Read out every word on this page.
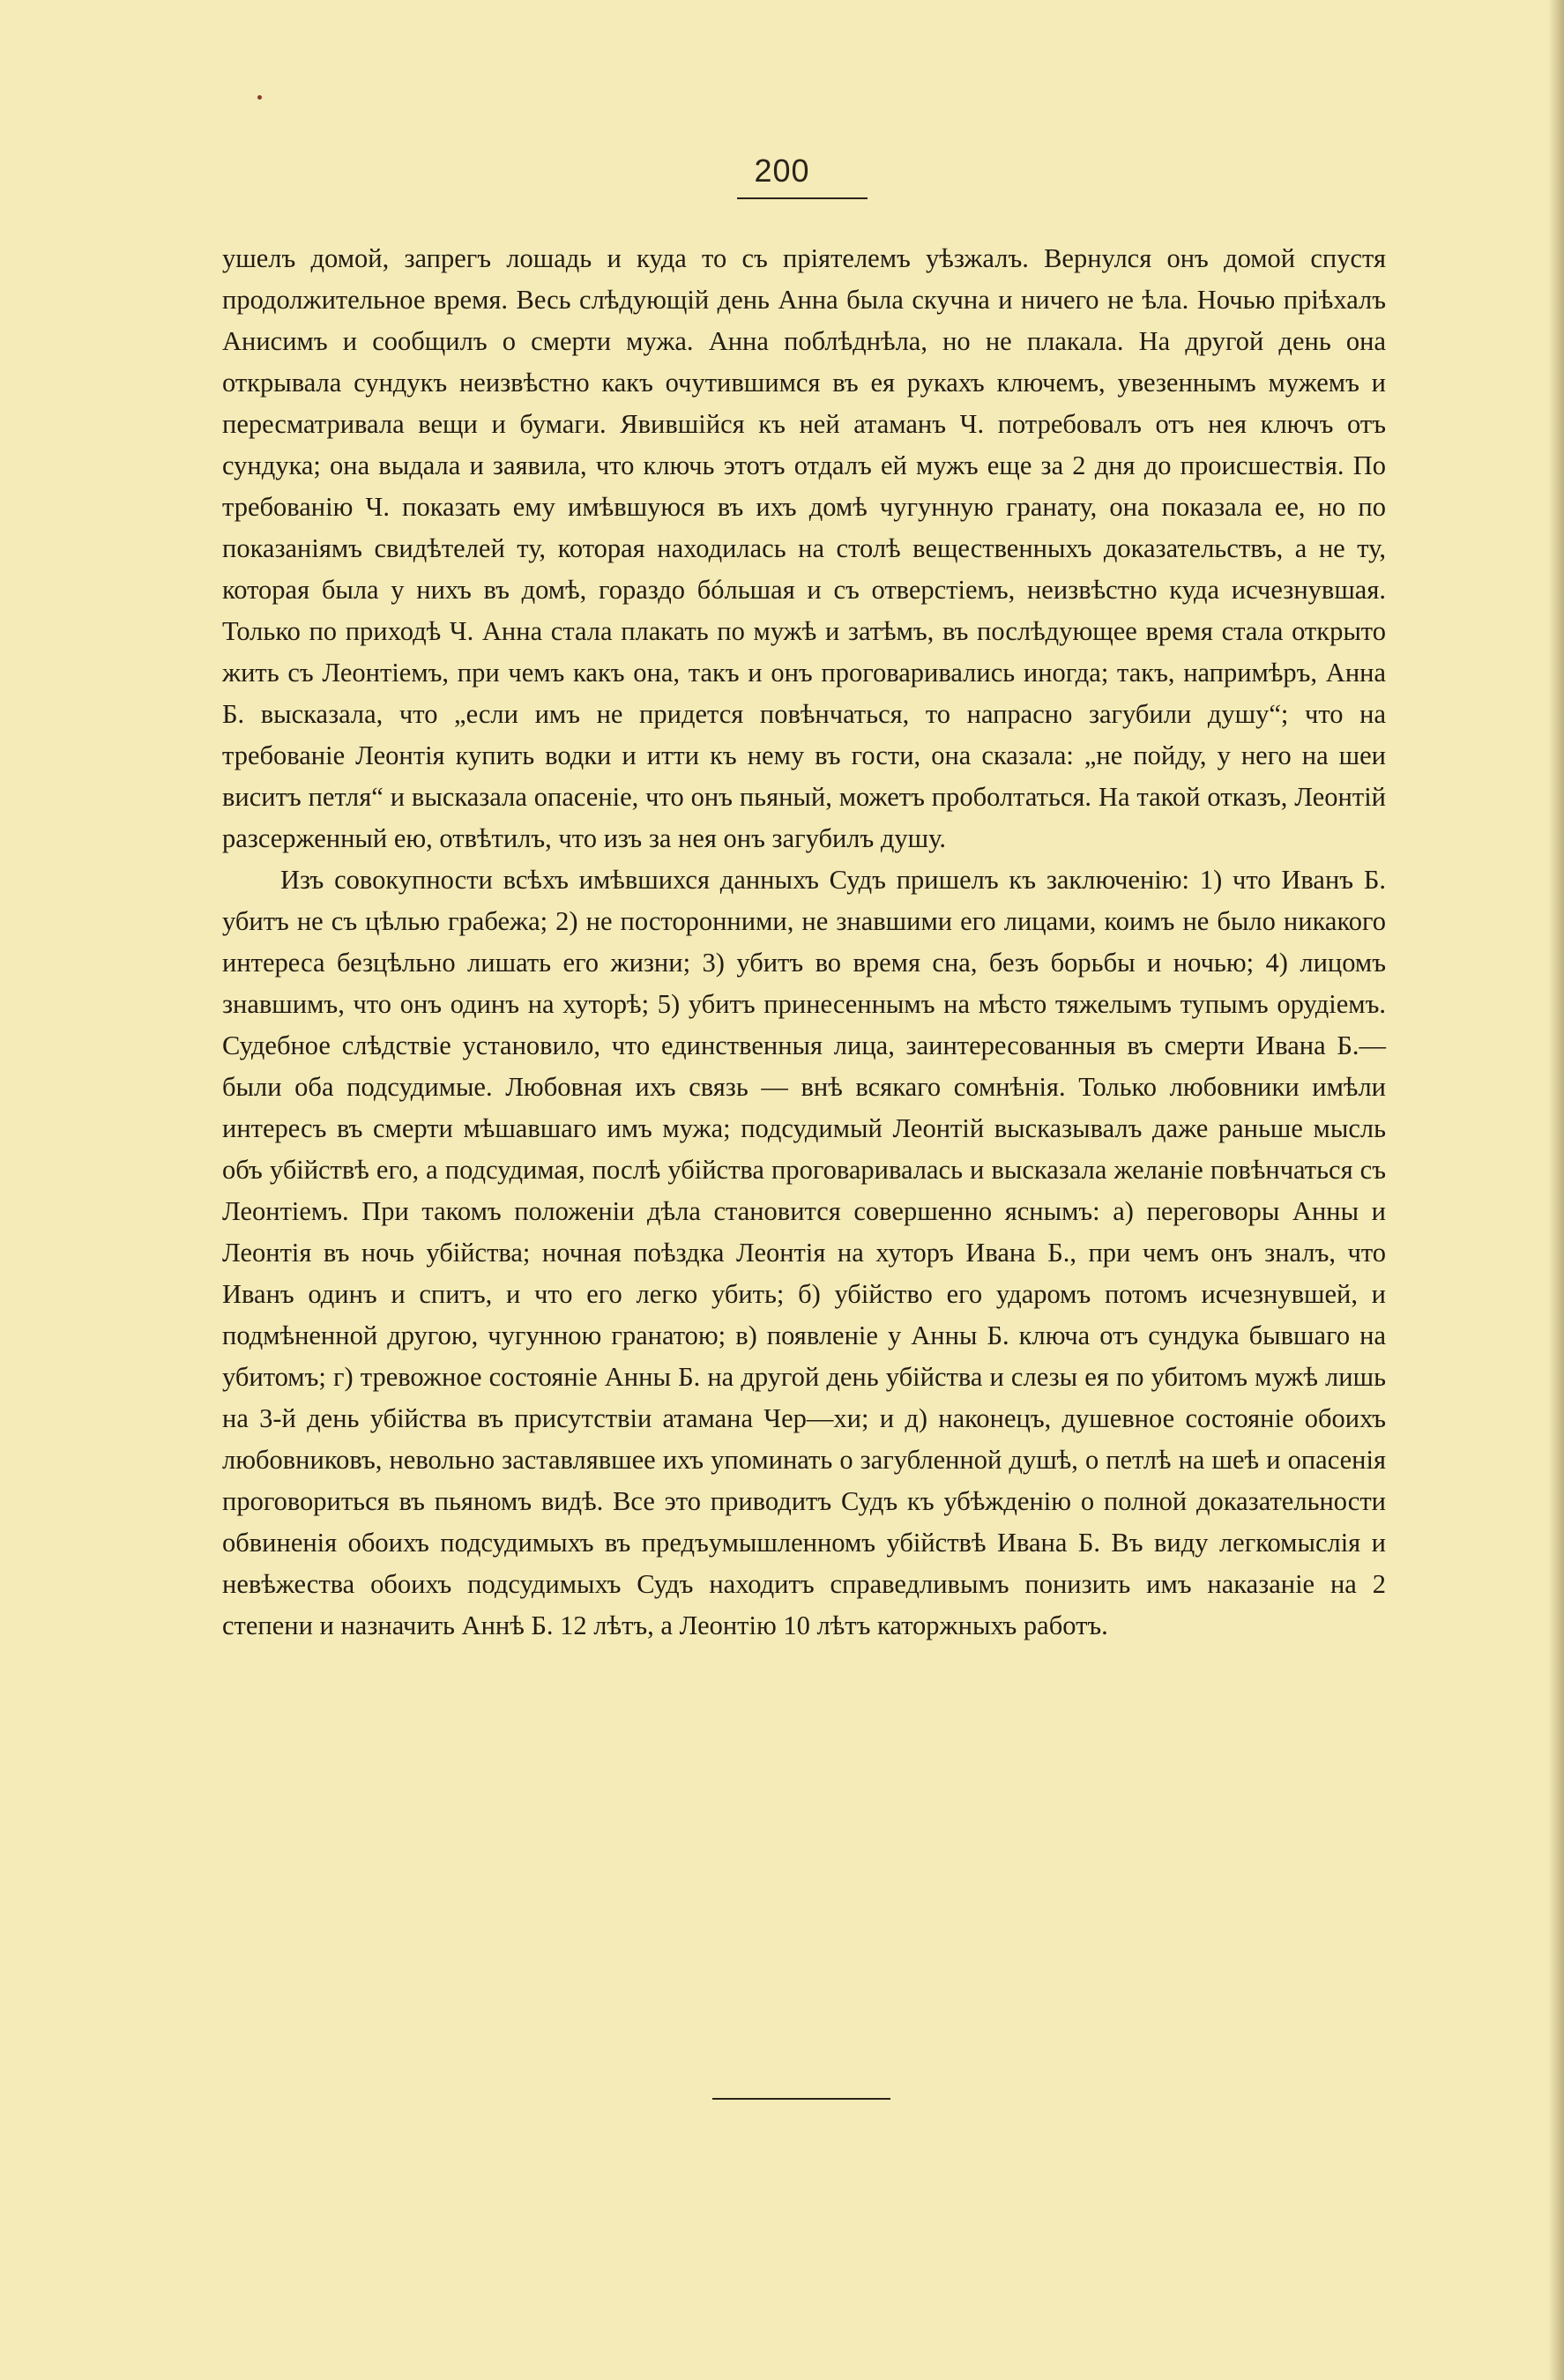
200

ушелъ домой, запрегъ лошадь и куда то съ пріятелемъ уѣзжалъ. Вернулся онъ домой спустя продолжительное время. Весь слѣдующій день Анна была скучна и ничего не ѣла. Ночью пріѣхалъ Анисимъ и сообщилъ о смерти мужа. Анна поблѣднѣла, но не плакала. На другой день она открывала сундукъ неизвѣстно какъ очутившимся въ ея рукахъ ключемъ, увезеннымъ мужемъ и пересматривала вещи и бумаги. Явившійся къ ней атаманъ Ч. потребовалъ отъ нея ключъ отъ сундука; она выдала и заявила, что ключь этотъ отдалъ ей мужъ еще за 2 дня до происшествія. По требованію Ч. показать ему имѣвшуюся въ ихъ домѣ чугунную гранату, она показала ее, но по показаніямъ свидѣтелей ту, которая находилась на столѣ вещественныхъ доказательствъ, а не ту, которая была у нихъ въ домѣ, гораздо бóльшая и съ отверстіемъ, неизвѣстно куда исчезнувшая. Только по приходѣ Ч. Анна стала плакать по мужѣ и затѣмъ, въ послѣдующее время стала открыто жить съ Леонтіемъ, при чемъ какъ она, такъ и онъ проговаривались иногда; такъ, напримѣръ, Анна Б. высказала, что „если имъ не придется повѣнчаться, то напрасно загубили душу“; что на требованіе Леонтія купить водки и итти къ нему въ гости, она сказала: „не пойду, у него на шеи виситъ петля“ и высказала опасеніе, что онъ пьяный, можетъ проболтаться. На такой отказъ, Леонтій разсерженный ею, отвѣтилъ, что изъ за нея онъ загубилъ душу.

Изъ совокупности всѣхъ имѣвшихся данныхъ Судъ пришелъ къ заключенію: 1) что Иванъ Б. убитъ не съ цѣлью грабежа; 2) не посторонними, не знавшими его лицами, коимъ не было никакого интереса безцѣльно лишать его жизни; 3) убитъ во время сна, безъ борьбы и ночью; 4) лицомъ знавшимъ, что онъ одинъ на хуторѣ; 5) убитъ принесеннымъ на мѣсто тяжелымъ тупымъ орудіемъ. Судебное слѣдствіе установило, что единственныя лица, заинтересованныя въ смерти Ивана Б.— были оба подсудимые. Любовная ихъ связь — внѣ всякаго сомнѣнія. Только любовники имѣли интересъ въ смерти мѣшавшаго имъ мужа; подсудимый Леонтій высказывалъ даже раньше мысль объ убійствѣ его, а подсудимая, послѣ убійства проговаривалась и высказала желаніе повѣнчаться съ Леонтіемъ. При такомъ положеніи дѣла становится совершенно яснымъ: а) переговоры Анны и Леонтія въ ночь убійства; ночная поѣздка Леонтія на хуторъ Ивана Б., при чемъ онъ зналъ, что Иванъ одинъ и спитъ, и что его легко убить; б) убійство его ударомъ потомъ исчезнувшей, и подмѣненной другою, чугунною гранатою; в) появленіе у Анны Б. ключа отъ сундука бывшаго на убитомъ; г) тревожное состояніе Анны Б. на другой день убійства и слезы ея по убитомъ мужѣ лишь на 3-й день убійства въ присутствіи атамана Чер—хи; и д) наконецъ, душевное состояніе обоихъ любовниковъ, невольно заставлявшее ихъ упоминать о загубленной душѣ, о петлѣ на шеѣ и опасенія проговориться въ пьяномъ видѣ. Все это приводитъ Судъ къ убѣжденію о полной доказательности обвиненія обоихъ подсудимыхъ въ предъумышленномъ убійствѣ Ивана Б. Въ виду легкомыслія и невѣжества обоихъ подсудимыхъ Судъ находитъ справедливымъ понизить имъ наказаніе на 2 степени и назначить Аннѣ Б. 12 лѣтъ, а Леонтію 10 лѣтъ каторжныхъ работъ.
